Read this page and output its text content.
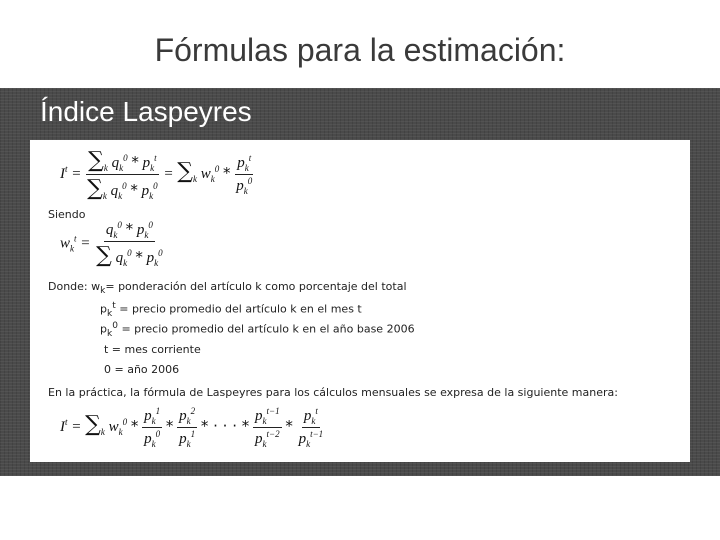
Fórmulas para la estimación:
Índice Laspeyres
$I^t = \frac{\sum_k q_k^0 * p_k^t}{\sum_k q_k^0 * p_k^0} = \sum_k$ $w_k^0 * \frac{p_k^t}{p_k^0}$
Siendo
$w_k^t = \frac{q_k^0 * p_k^0}{\sum q_k^0 * p_k^0}$
Donde: $w_k=$ ponderación del artículo k como porcentaje del total
$p_k^t$ = precio promedio del artículo k en el mes t
$p_k^0$ = precio promedio del artículo k en el año base 2006
t = mes corriente
0 = año 2006
En la práctica, la fórmula de Laspeyres para los cálculos mensuales se expresa de la siguiente manera:
$I^t = \sum_k$ $w_k^0 * \frac{p_k^1}{p_k^0} * \frac{p_k^2}{p_k^1}$ * · · · * $\frac{p_k^{t-1}}{p_k^{t-2}} * \frac{p_k^t}{p_k^{t-1}}$
